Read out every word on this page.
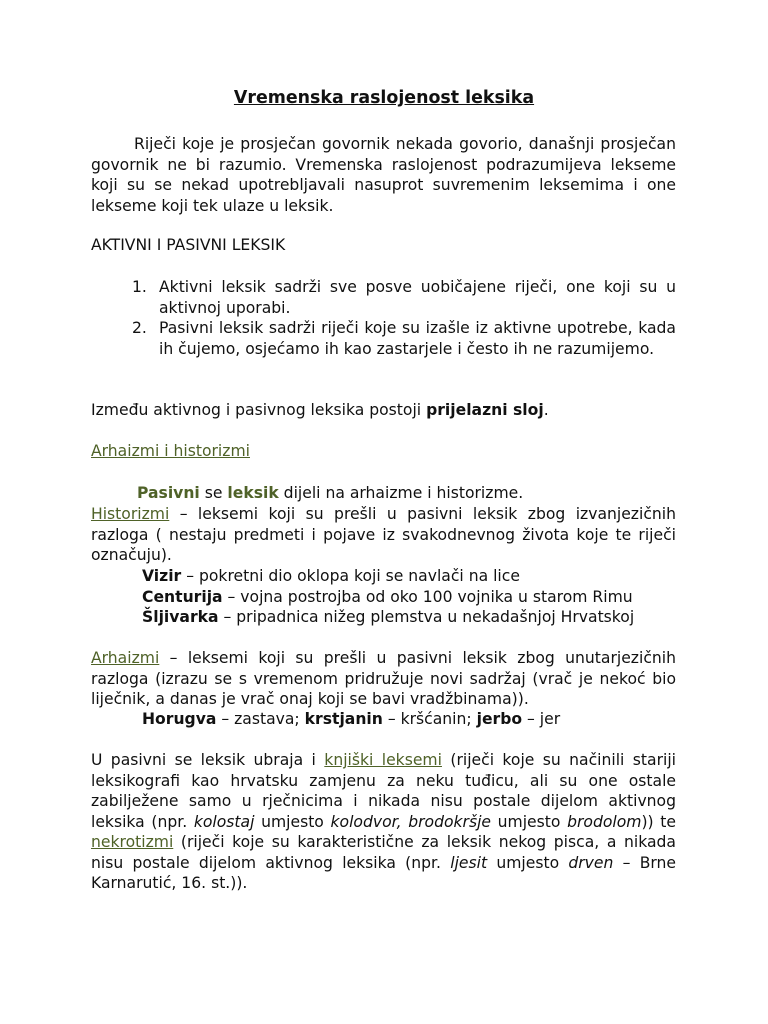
Vremenska raslojenost leksika

Riječi koje je prosječan govornik nekada govorio, današnji prosječan govornik ne bi razumio. Vremenska raslojenost podrazumijeva lekseme koji su se nekad upotrebljavali nasuprot suvremenim leksemima i one lekseme koji tek ulaze u leksik.

AKTIVNI I PASIVNI LEKSIK

1. Aktivni leksik sadrži sve posve uobičajene riječi, one koji su u aktivnoj uporabi.
2. Pasivni leksik sadrži riječi koje su izašle iz aktivne upotrebe, kada ih čujemo, osjećamo ih kao zastarjele i često ih ne razumijemo.

Između aktivnog i pasivnog leksika postoji prijelazni sloj.

Arhaizmi i historizmi

Pasivni se leksik dijeli na arhaizme i historizme.

Historizmi – leksemi koji su prešli u pasivni leksik zbog izvanjezičnih razloga ( nestaju predmeti i pojave iz svakodnevnog života koje te riječi označuju).

Vizir – pokretni dio oklopa koji se navlači na lice
Centurija – vojna postrojba od oko 100 vojnika u starom Rimu
Šljivarka – pripadnica nižeg plemstva u nekadašnjoj Hrvatskoj

Arhaizmi – leksemi koji su prešli u pasivni leksik zbog unutarjezičnih razloga (izrazu se s vremenom pridružuje novi sadržaj (vrač je nekoć bio liječnik, a danas je vrač onaj koji se bavi vradžbinama)).

Horugva – zastava; krstjanin – kršćanin; jerbo – jer

U pasivni se leksik ubraja i knjiški leksemi (riječi koje su načinili stariji leksikografi kao hrvatsku zamjenu za neku tuđicu, ali su one ostale zabilježene samo u rječnicima i nikada nisu postale dijelom aktivnog leksika (npr. kolostaj umjesto kolodvor, brodokršje umjesto brodolom)) te nekrotizmi (riječi koje su karakteristične za leksik nekog pisca, a nikada nisu postale dijelom aktivnog leksika (npr. ljesit umjesto drven – Brne Karnarutić, 16. st.)).
